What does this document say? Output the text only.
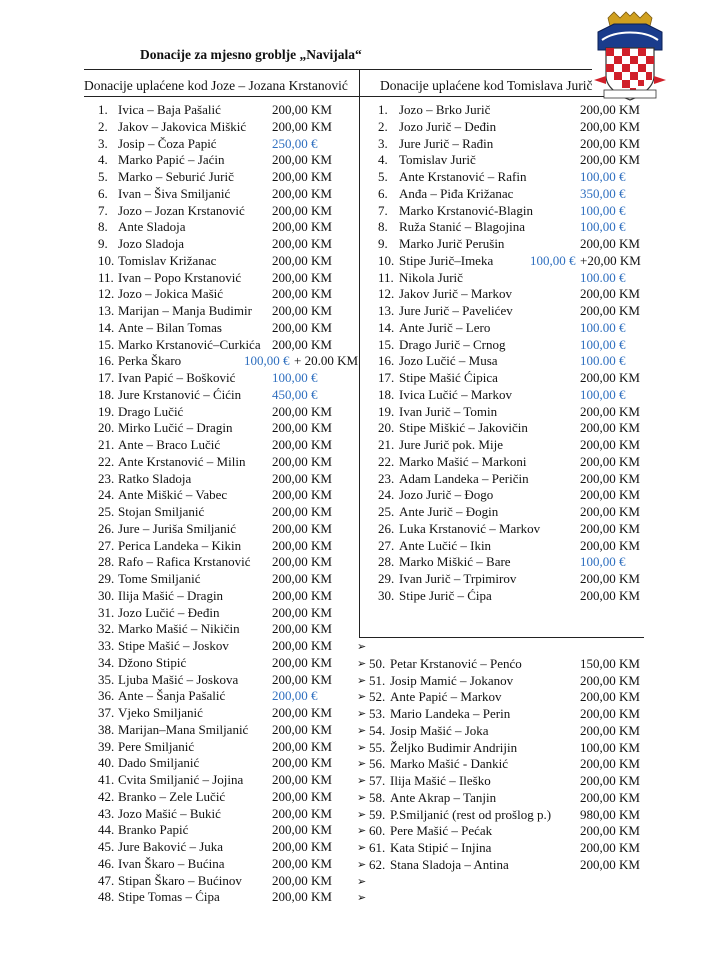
Donacije za mjesno groblje „Navijala“
Donacije uplaćene kod Joze – Jozana Krstanović Donacije uplaćene kod Tomislava Jurič
1. Ivica – Baja Pašalić	200,00 KM
2. Jakov – Jakovica Miškić 200,00 KM
3. Josip – Čoza Papić	250,00 €
4. Marko Papić – Jaćin	200,00 KM
5. Marko – Seburić Jurič	200,00 KM
6. Ivan – Šiva Smiljanić	200,00 KM
7. Jozo – Jozan Krstanović 200,00 KM
8. Ante Sladoja	200,00 KM
9. Jozo Sladoja	200,00 KM
10. Tomislav Križanac	200,00 KM
11. Ivan – Popo Krstanović 200,00 KM
12. Jozo – Jokica Mašić	200,00 KM
13. Marijan – Manja Budimir 200,00 KM
14. Ante – Bilan Tomas	200,00 KM
15. Marko Krstanović–Curkića 200,00 KM
16. Perka Škaro	100,00 € + 20.00 KM
17. Ivan Papić – Bošković	100,00 €
18. Jure Krstanović – Ćićin 450,00 €
19. Drago Lučić	200,00 KM
20. Mirko Lučić – Dragin	200,00 KM
21. Ante – Braco Lučić	200,00 KM
22. Ante Krstanović – Milin 200,00 KM
23. Ratko Sladoja	200,00 KM
24. Ante Miškić – Vabec	200,00 KM
25. Stojan Smiljanić	200,00 KM
26. Jure – Juriša Smiljanić	200,00 KM
27. Perica Landeka – Kikin 200,00 KM
28. Rafo – Rafica Krstanović 200,00 KM
29. Tome Smiljanić	200,00 KM
30. Ilija Mašić – Dragin	200,00 KM
31. Jozo Lučić – Đeđin	200,00 KM
32. Marko Mašić – Nikičin 200,00 KM
33. Stipe Mašić – Joskov	200,00 KM
34. Džono Stipić	200,00 KM
35. Ljuba Mašić – Joskova	200,00 KM
36. Ante – Šanja Pašalić	200,00 €
37. Vjeko Smiljanić	200,00 KM
38. Marijan–Mana Smiljanić 200,00 KM
39. Pere Smiljanić	200,00 KM
40. Dado Smiljanić	200,00 KM
41. Cvita Smiljanić – Jojina 200,00 KM
42. Branko – Zele Lučić	200,00 KM
43. Jozo Mašić – Bukić	200,00 KM
44. Branko Papić	200,00 KM
45. Jure Baković – Juka	200,00 KM
46. Ivan Škaro – Bućina	200,00 KM
47. Stipan Škaro – Bućinov 200,00 KM
48. Stipe Tomas – Ćipa	200,00 KM
1. Jozo – Brko Jurič	200,00 KM
2. Jozo Jurič – Deđin	200,00 KM
3. Jure Jurič – Rađin	200,00 KM
4. Tomislav Jurič	200,00 KM
5. Ante Krstanović – Rafin	100,00 €
6. Anđa – Piđa Križanac	350,00 €
7. Marko Krstanović-Blagin	100,00 €
8. Ruža Stanić – Blagojina	100,00 €
9. Marko Jurič Perušin	200,00 KM
10. Stipe Jurič–Imeka	100,00 € +20,00 KM
11. Nikola Jurič	100.00 €
12. Jakov Jurič – Markov	200,00 KM
13. Jure Jurič – Pavelićev	200,00 KM
14. Ante Jurič – Lero	100.00 €
15. Drago Jurič – Crnog	100,00 €
16. Jozo Lučić – Musa	100.00 €
17. Stipe Mašić Ćipica	200,00 KM
18. Ivica Lučić – Markov	100,00 €
19. Ivan Jurič – Tomin	200,00 KM
20. Stipe Miškić – Jakovičin	200,00 KM
21. Jure Jurič pok. Mije	200,00 KM
22. Marko Mašić – Markoni	200,00 KM
23. Adam Landeka – Peričin	200,00 KM
24. Jozo Jurič – Đogo	200,00 KM
25. Ante Jurič – Đogin	200,00 KM
26. Luka Krstanović – Markov	200,00 KM
27. Ante Lučić – Ikin	200,00 KM
28. Marko Miškić – Bare	100,00 €
29. Ivan Jurič – Trpimirov	200,00 KM
30. Stipe Jurič – Ćipa	200,00 KM
➢
➢ 50. Petar Krstanović – Penćo	150,00 KM
➢ 51. Josip Mamić – Jokanov	200,00 KM
➢ 52. Ante Papić – Markov	200,00 KM
➢ 53. Mario Landeka – Perin	200,00 KM
➢ 54. Josip Mašić – Joka	200,00 KM
➢ 55. Željko Budimir Andrijin	100,00 KM
➢ 56. Marko Mašić - Dankić	200,00 KM
➢ 57. Ilija Mašić – Ileško	200,00 KM
➢ 58. Ante Akrap – Tanjin	200,00 KM
➢ 59. P.Smiljanić (rest od prošlog p.) 980,00 KM
➢ 60. Pere Mašić – Pećak	200,00 KM
➢ 61. Kata Stipić – Injina	200,00 KM
➢ 62. Stana Sladoja – Antina	200,00 KM
➢
➢
